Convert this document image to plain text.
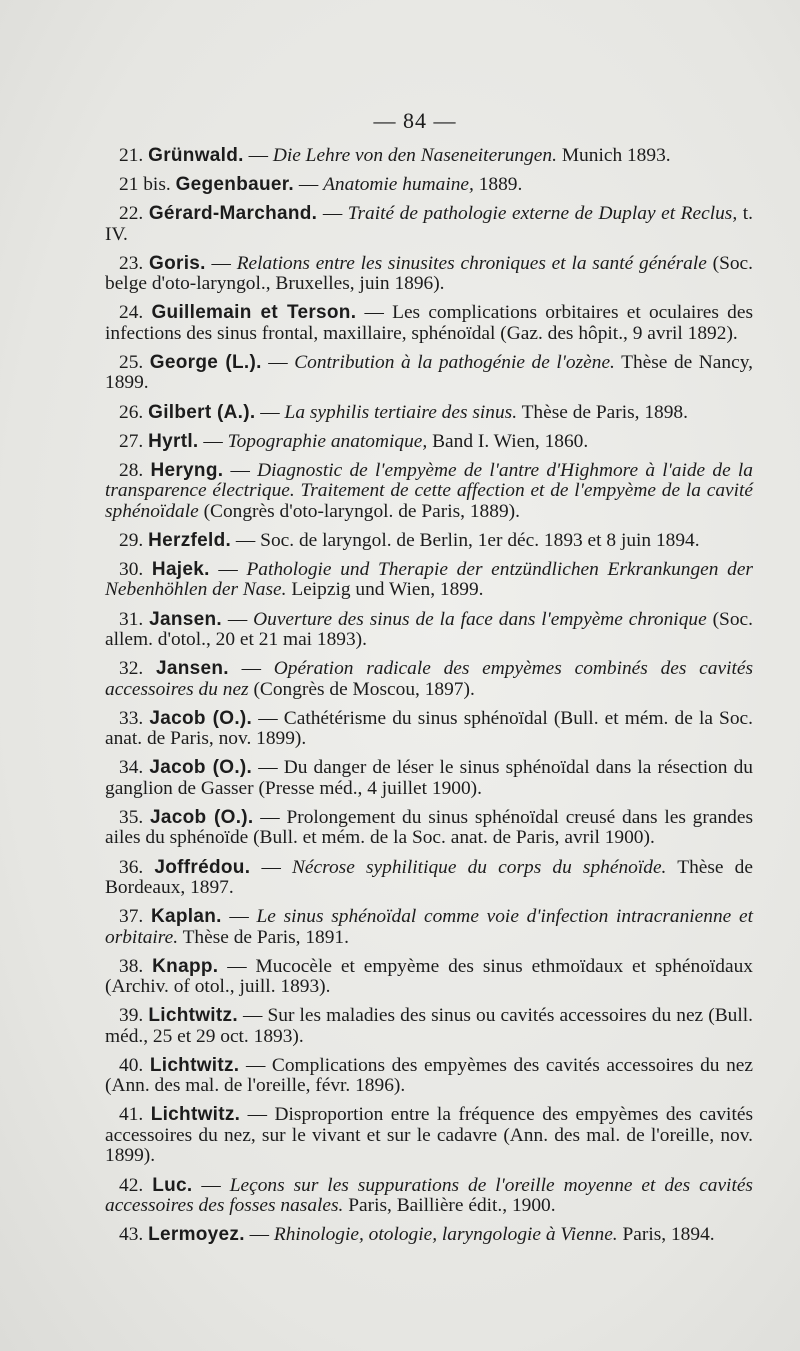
— 84 —

21. Grünwald. — Die Lehre von den Naseneiterungen. Munich 1893.

21 bis. Gegenbauer. — Anatomie humaine, 1889.

22. Gérard-Marchand. — Traité de pathologie externe de Duplay et Reclus, t. IV.

23. Goris. — Relations entre les sinusites chroniques et la santé générale (Soc. belge d'oto-laryngol., Bruxelles, juin 1896).

24. Guillemain et Terson. — Les complications orbitaires et oculaires des infections des sinus frontal, maxillaire, sphénoïdal (Gaz. des hôpit., 9 avril 1892).

25. George (L.). — Contribution à la pathogénie de l'ozène. Thèse de Nancy, 1899.

26. Gilbert (A.). — La syphilis tertiaire des sinus. Thèse de Paris, 1898.

27. Hyrtl. — Topographie anatomique, Band I. Wien, 1860.

28. Heryng. — Diagnostic de l'empyème de l'antre d'Highmore à l'aide de la transparence électrique. Traitement de cette affection et de l'empyème de la cavité sphénoïdale (Congrès d'oto-laryngol. de Paris, 1889).

29. Herzfeld. — Soc. de laryngol. de Berlin, 1er déc. 1893 et 8 juin 1894.

30. Hajek. — Pathologie und Therapie der entzündlichen Erkrankungen der Nebenhöhlen der Nase. Leipzig und Wien, 1899.

31. Jansen. — Ouverture des sinus de la face dans l'empyème chronique (Soc. allem. d'otol., 20 et 21 mai 1893).

32. Jansen. — Opération radicale des empyèmes combinés des cavités accessoires du nez (Congrès de Moscou, 1897).

33. Jacob (O.). — Cathétérisme du sinus sphénoïdal (Bull. et mém. de la Soc. anat. de Paris, nov. 1899).

34. Jacob (O.). — Du danger de léser le sinus sphénoïdal dans la résection du ganglion de Gasser (Presse méd., 4 juillet 1900).

35. Jacob (O.). — Prolongement du sinus sphénoïdal creusé dans les grandes ailes du sphénoïde (Bull. et mém. de la Soc. anat. de Paris, avril 1900).

36. Joffrédou. — Nécrose syphilitique du corps du sphénoïde. Thèse de Bordeaux, 1897.

37. Kaplan. — Le sinus sphénoïdal comme voie d'infection intracranienne et orbitaire. Thèse de Paris, 1891.

38. Knapp. — Mucocèle et empyème des sinus ethmoïdaux et sphénoïdaux (Archiv. of otol., juill. 1893).

39. Lichtwitz. — Sur les maladies des sinus ou cavités accessoires du nez (Bull. méd., 25 et 29 oct. 1893).

40. Lichtwitz. — Complications des empyèmes des cavités accessoires du nez (Ann. des mal. de l'oreille, févr. 1896).

41. Lichtwitz. — Disproportion entre la fréquence des empyèmes des cavités accessoires du nez, sur le vivant et sur le cadavre (Ann. des mal. de l'oreille, nov. 1899).

42. Luc. — Leçons sur les suppurations de l'oreille moyenne et des cavités accessoires des fosses nasales. Paris, Baillière édit., 1900.

43. Lermoyez. — Rhinologie, otologie, laryngologie à Vienne. Paris, 1894.
